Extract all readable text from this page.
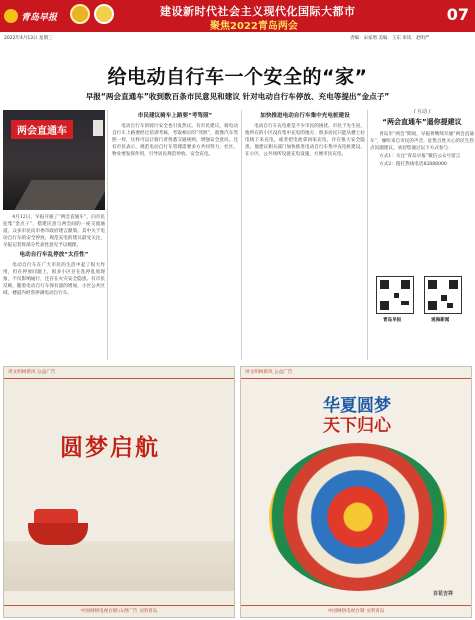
青岛早报	建设新时代社会主义现代化国际大都市
聚焦2022青岛两会
07
2022年4月13日 星期三	责编：宋家增 美编：王东 审读：赵明严
给电动自行车一个安全的“家”
早报“两会直通车”收到数百条市民意见和建议 针对电动自行车停放、充电等提出“金点子”
两会直通车

4月12日，早报开通了“两会直通车”，向市民征集“金点子”，搭建民意与两会间的一座交流通道。众多市民向市委市政府建言献策。其中关于电动自行车的安全停放、规范充电的建议最受关注，早报记者将部分代表性意见予以梳理。

电动自行车乱停放“太任性”

电动自行车在广大市民的生活中起了很大作用，但在停放问题上，很多小区存在乱停乱放现象，不仅影响通行，还存在火灾安全隐患。有市民反映，随着电动自行车保有量的增加，小区公共区域、楼道内经常停满电动自行车。

市民建议骑车上路要“考驾照”

电动自行车的骑行安全也引发热议。有市民建议，骑电动自行车上路要经过培训考核，考取相应的“驾照”，就像汽车驾照一样，这样可以让骑行者熟悉交通规则，增强安全意识。还有市民表示，规范电动自行车管理需要多方共同努力，社区、物业要发挥作用，引导居民规范停放、安全充电。

加快推进电动自行车集中充电桩建设

电动自行车充电难是不少市民的困扰。市民于先生说，他所在的小区没有集中充电的地方，很多居民只能从楼上拉电线下来充电，或者把电池拿回家充电，存在很大安全隐患。他建议相关部门加快推进电动自行车集中充电桩建设，在小区、公共场所设置充电设施，方便市民充电。

/ 互动 /
“两会直通车”遥你提建议

青岛市“两会”期间，早报将继续开通“两会直通车”，倾听来自市民的声音，征集百姓关心的民生热点问题建议。欢迎您通过以下方式参与：

方式1：关注“青岛早报”微信公众号留言

方式2：拨打热线电话82888000

青岛早报	观海新闻
讲文明树新风 公益广告
圆梦启航
中国网络电视台制 山西广告 文明青岛
讲文明树新风 公益广告
华夏圆梦
天下归心
百花吉祥
中国网络电视台制 文明青岛
